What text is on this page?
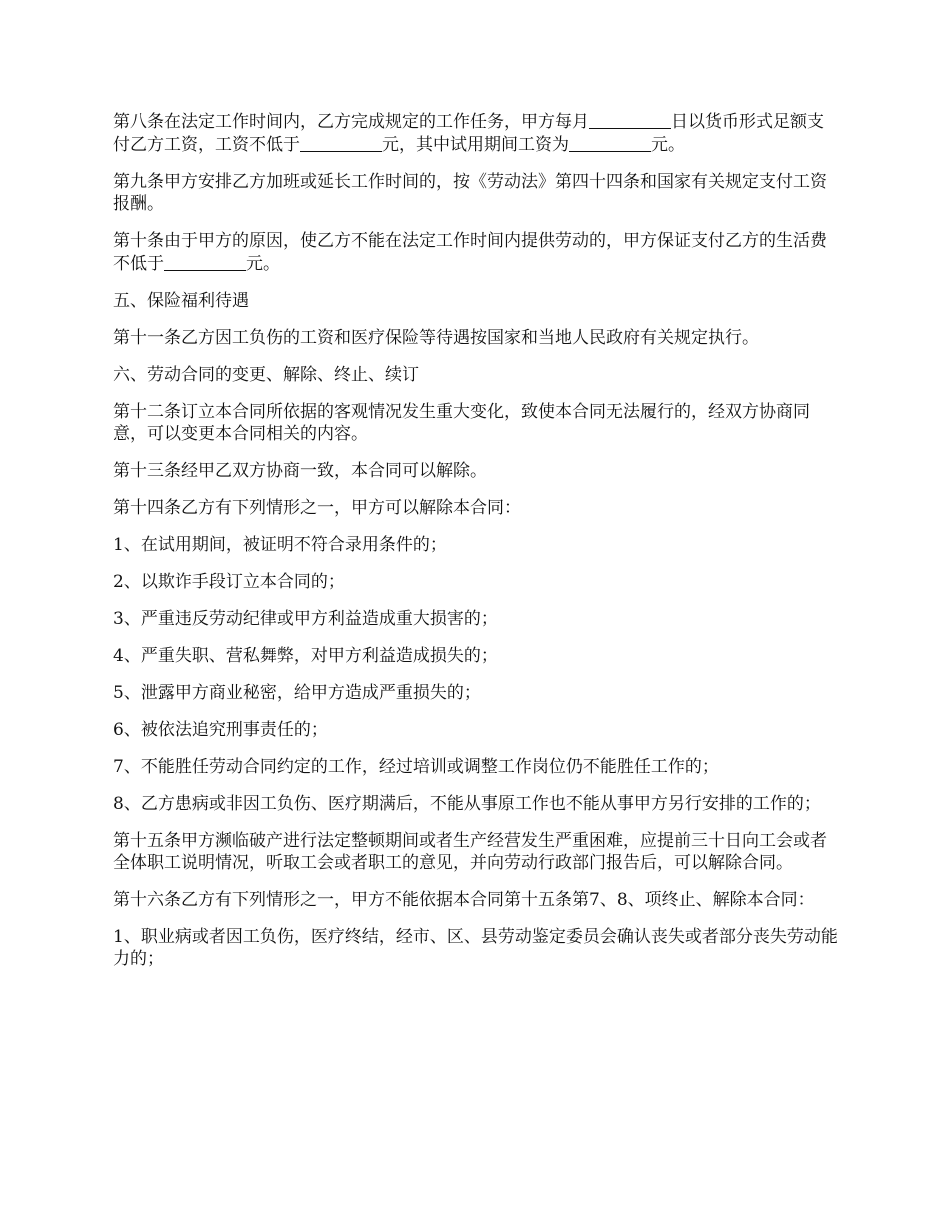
第八条在法定工作时间内，乙方完成规定的工作任务，甲方每月	日以货币形式足额支付乙方工资，工资不低于	元，其中试用期间工资为	元。

第九条甲方安排乙方加班或延长工作时间的，按《劳动法》第四十四条和国家有关规定支付工资报酬。

第十条由于甲方的原因，使乙方不能在法定工作时间内提供劳动的，甲方保证支付乙方的生活费不低于	元。

五、保险福利待遇

第十一条乙方因工负伤的工资和医疗保险等待遇按国家和当地人民政府有关规定执行。

六、劳动合同的变更、解除、终止、续订

第十二条订立本合同所依据的客观情况发生重大变化，致使本合同无法履行的，经双方协商同意，可以变更本合同相关的内容。

第十三条经甲乙双方协商一致，本合同可以解除。

第十四条乙方有下列情形之一，甲方可以解除本合同：

1、在试用期间，被证明不符合录用条件的；

2、以欺诈手段订立本合同的；

3、严重违反劳动纪律或甲方利益造成重大损害的；

4、严重失职、营私舞弊，对甲方利益造成损失的；

5、泄露甲方商业秘密，给甲方造成严重损失的；

6、被依法追究刑事责任的；

7、不能胜任劳动合同约定的工作，经过培训或调整工作岗位仍不能胜任工作的；

8、乙方患病或非因工负伤、医疗期满后，不能从事原工作也不能从事甲方另行安排的工作的；

第十五条甲方濒临破产进行法定整顿期间或者生产经营发生严重困难，应提前三十日向工会或者全体职工说明情况，听取工会或者职工的意见，并向劳动行政部门报告后，可以解除合同。

第十六条乙方有下列情形之一，甲方不能依据本合同第十五条第7、8、项终止、解除本合同：

1、职业病或者因工负伤，医疗终结，经市、区、县劳动鉴定委员会确认丧失或者部分丧失劳动能力的；
